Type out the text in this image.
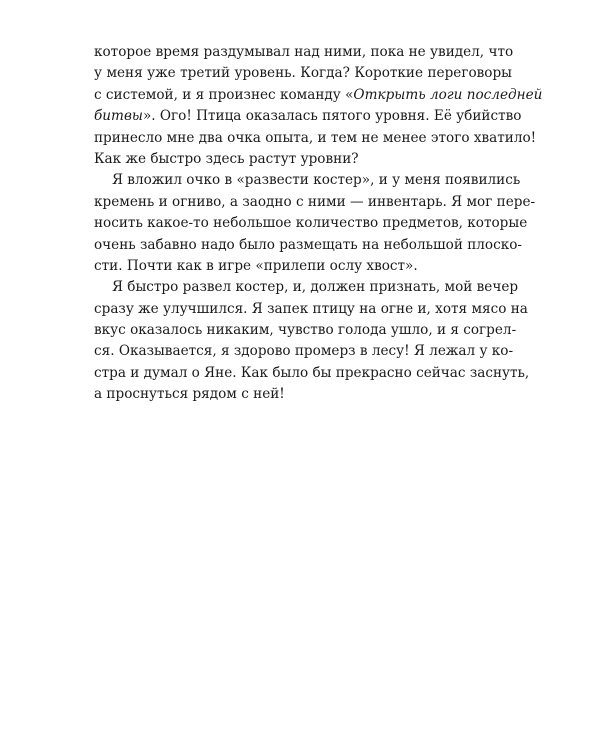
которое время раздумывал над ними, пока не увидел, что
у меня уже третий уровень. Когда? Короткие переговоры
с системой, и я произнес команду «Открыть логи последней
битвы». Ого! Птица оказалась пятого уровня. Её убийство
принесло мне два очка опыта, и тем не менее этого хватило!
Как же быстро здесь растут уровни?
Я вложил очко в «развести костер», и у меня появились
кремень и огниво, а заодно с ними — инвентарь. Я мог пере-
носить какое-то небольшое количество предметов, которые
очень забавно надо было размещать на небольшой плоско-
сти. Почти как в игре «прилепи ослу хвост».
Я быстро развел костер, и, должен признать, мой вечер
сразу же улучшился. Я запек птицу на огне и, хотя мясо на
вкус оказалось никаким, чувство голода ушло, и я согрел-
ся. Оказывается, я здорово промерз в лесу! Я лежал у ко-
стра и думал о Яне. Как было бы прекрасно сейчас заснуть,
а проснуться рядом с ней!
